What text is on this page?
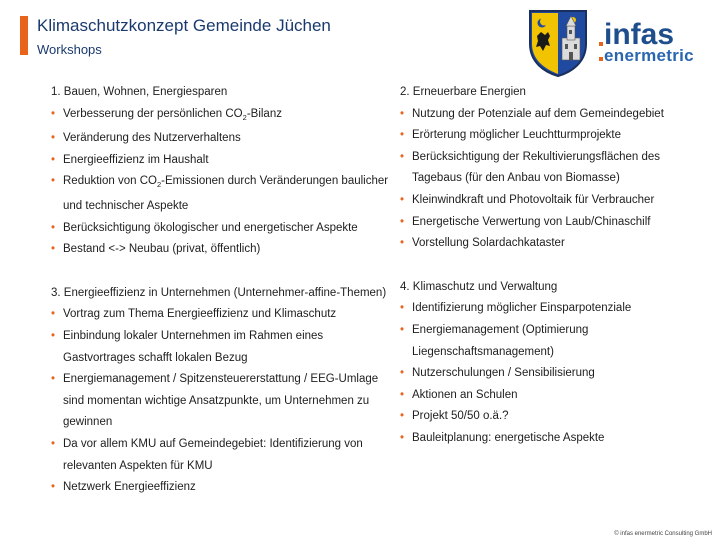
Klimaschutzkonzept Gemeinde Jüchen
Workshops	infas
enermetric
1. Bauen, Wohnen, Energiesparen
• Verbesserung der persönlichen $CO_2$-Bilanz
• Veränderung des Nutzerverhaltens
• Energieeffizienz im Haushalt
• Reduktion von $CO_2$-Emissionen durch Veränderungen baulicher und technischer Aspekte
• Berücksichtigung ökologischer und energetischer Aspekte
• Bestand <-> Neubau (privat, öffentlich)
3. Energieeffizienz in Unternehmen (Unternehmer-affine-Themen)
• Vortrag zum Thema Energieeffizienz und Klimaschutz
• Einbindung lokaler Unternehmen im Rahmen eines Gastvortrages schafft lokalen Bezug
• Energiemanagement / Spitzensteuererstattung / EEG-Umlage sind momentan wichtige Ansatzpunkte, um Unternehmen zu gewinnen
• Da vor allem KMU auf Gemeindegebiet: Identifizierung von relevanten Aspekten für KMU
• Netzwerk Energieeffizienz
2. Erneuerbare Energien
• Nutzung der Potenziale auf dem Gemeindegebiet
• Erörterung möglicher Leuchtturmprojekte
• Berücksichtigung der Rekultivierungsflächen des Tagebaus (für den Anbau von Biomasse)
• Kleinwindkraft und Photovoltaik für Verbraucher
• Energetische Verwertung von Laub/Chinaschilf
• Vorstellung Solardachkataster
4. Klimaschutz und Verwaltung
• Identifizierung möglicher Einsparpotenziale
• Energiemanagement (Optimierung Liegenschaftsmanagement)
• Nutzerschulungen / Sensibilisierung
• Aktionen an Schulen
• Projekt 50/50 o.ä.?
• Bauleitplanung: energetische Aspekte
© infas enermetric Consulting GmbH
